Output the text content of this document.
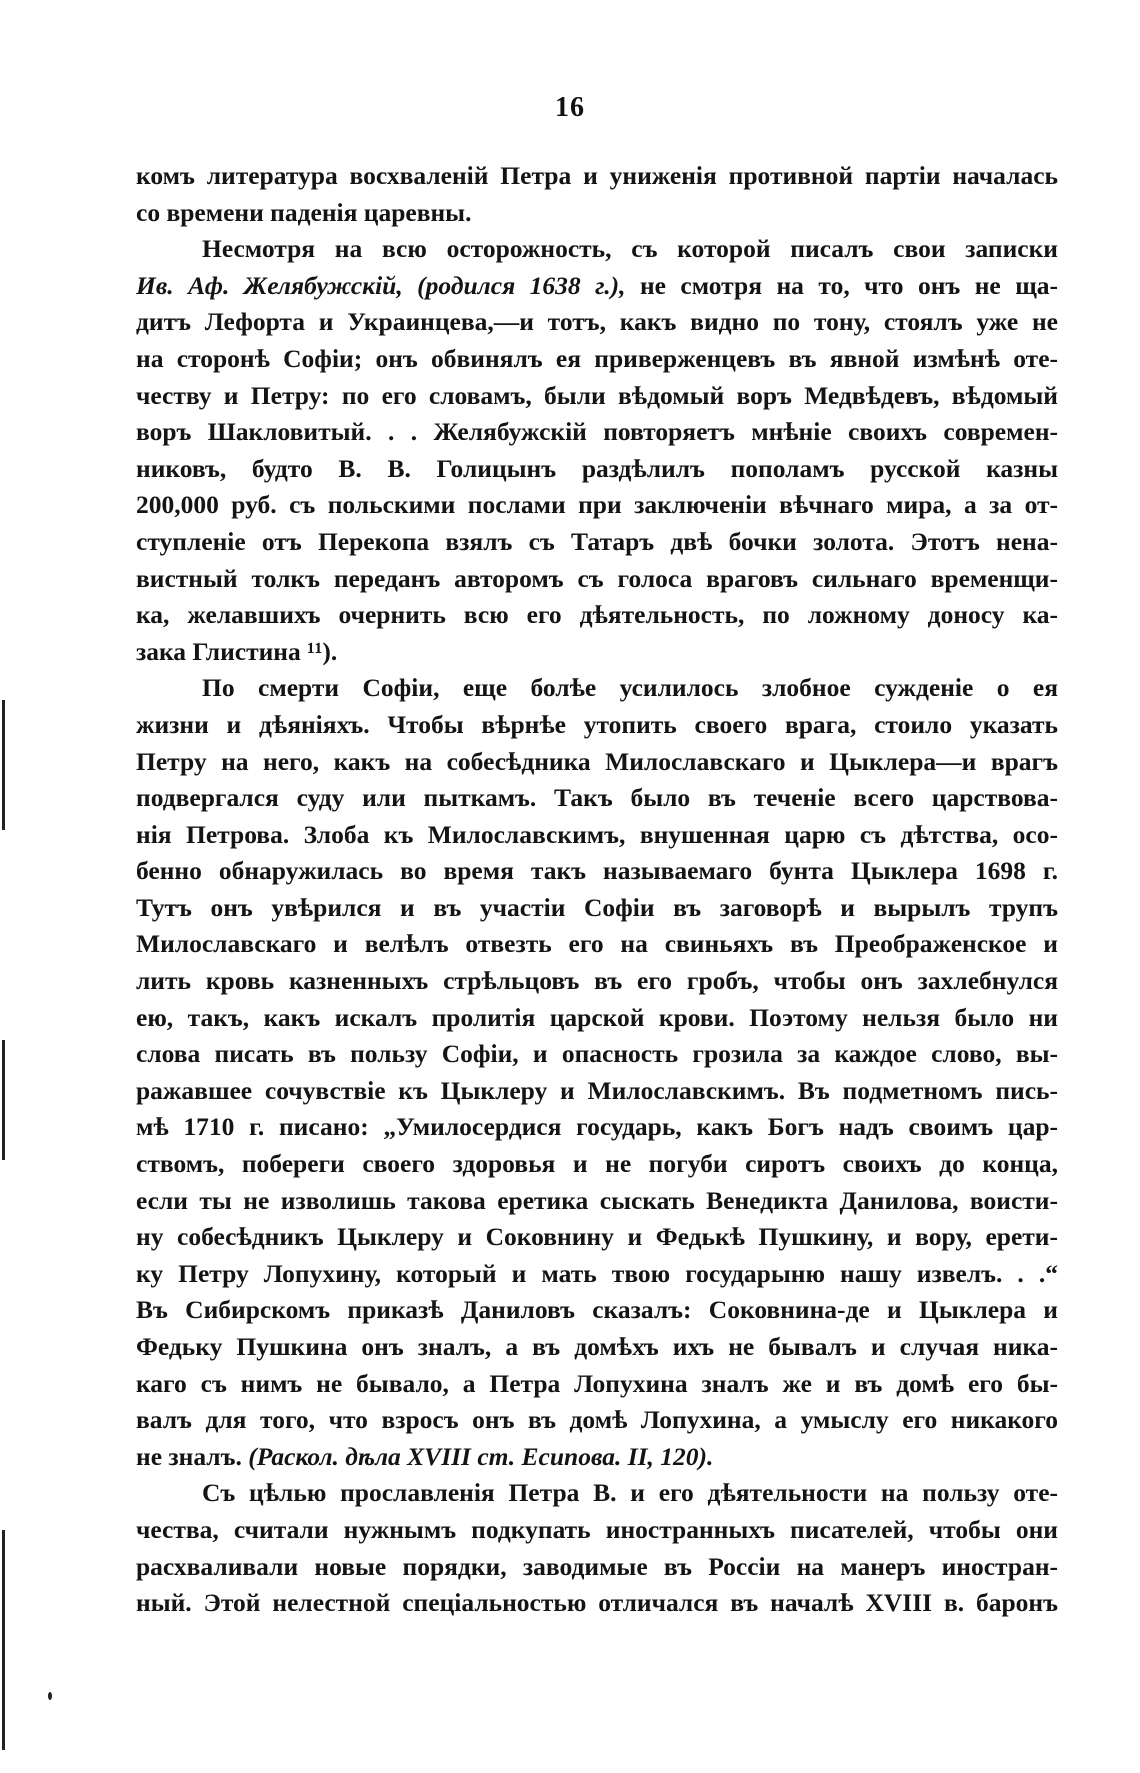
16
комъ литература восхваленій Петра и униженія противной партіи началась
со времени паденія царевны.
Несмотря на всю осторожность, съ которой писалъ свои записки
Ив. Аф. Желябужскій, (родился 1638 г.), не смотря на то, что онъ не ща-
дитъ Лефорта и Украинцева,—и тотъ, какъ видно по тону, стоялъ уже не
на сторонѣ Софіи; онъ обвинялъ ея приверженцевъ въ явной измѣнѣ оте-
честву и Петру: по его словамъ, были вѣдомый воръ Медвѣдевъ, вѣдомый
воръ Шакловитый. . . Желябужскій повторяетъ мнѣніе своихъ современ-
никовъ, будто В. В. Голицынъ раздѣлилъ пополамъ русской казны
200,000 руб. съ польскими послами при заключеніи вѣчнаго мира, а за от-
ступленіе отъ Перекопа взялъ съ Татаръ двѣ бочки золота. Этотъ нена-
вистный толкъ переданъ авторомъ съ голоса враговъ сильнаго временщи-
ка, желавшихъ очернить всю его дѣятельность, по ложному доносу ка-
зака Глистина ¹¹).
По смерти Софіи, еще болѣе усилилось злобное сужденіе о ея
жизни и дѣяніяхъ. Чтобы вѣрнѣе утопить своего врага, стоило указать
Петру на него, какъ на собесѣдника Милославскаго и Цыклера—и врагъ
подвергался суду или пыткамъ. Такъ было въ теченіе всего царствова-
нія Петрова. Злоба къ Милославскимъ, внушенная царю съ дѣтства, осо-
бенно обнаружилась во время такъ называемаго бунта Цыклера 1698 г.
Тутъ онъ увѣрился и въ участіи Софіи въ заговорѣ и вырылъ трупъ
Милославскаго и велѣлъ отвезть его на свиньяхъ въ Преображенское и
лить кровь казненныхъ стрѣльцовъ въ его гробъ, чтобы онъ захлебнулся
ею, такъ, какъ искалъ пролитія царской крови. Поэтому нельзя было ни
слова писать въ пользу Софіи, и опасность грозила за каждое слово, вы-
ражавшее сочувствіе къ Цыклеру и Милославскимъ. Въ подметномъ пись-
мѣ 1710 г. писано: „Умилосердися государь, какъ Богъ надъ своимъ цар-
ствомъ, побереги своего здоровья и не погуби сиротъ своихъ до конца,
если ты не изволишь такова еретика сыскать Венедикта Данилова, воисти-
ну собесѣдникъ Цыклеру и Соковнину и Федькѣ Пушкину, и вору, ерети-
ку Петру Лопухину, который и мать твою государыню нашу извелъ. . .“
Въ Сибирскомъ приказѣ Даниловъ сказалъ: Соковнина-де и Цыклера и
Федьку Пушкина онъ зналъ, а въ домѣхъ ихъ не бывалъ и случая ника-
каго съ нимъ не бывало, а Петра Лопухина зналъ же и въ домѣ его бы-
валъ для того, что взросъ онъ въ домѣ Лопухина, а умыслу его никакого
не зналъ. (Раскол. дѣла XVIII ст. Есипова. II, 120).
Съ цѣлью прославленія Петра В. и его дѣятельности на пользу оте-
чества, считали нужнымъ подкупать иностранныхъ писателей, чтобы они
расхваливали новые порядки, заводимые въ Россіи на манеръ иностран-
ный. Этой нелестной спеціальностью отличался въ началѣ XVIII в. баронъ
